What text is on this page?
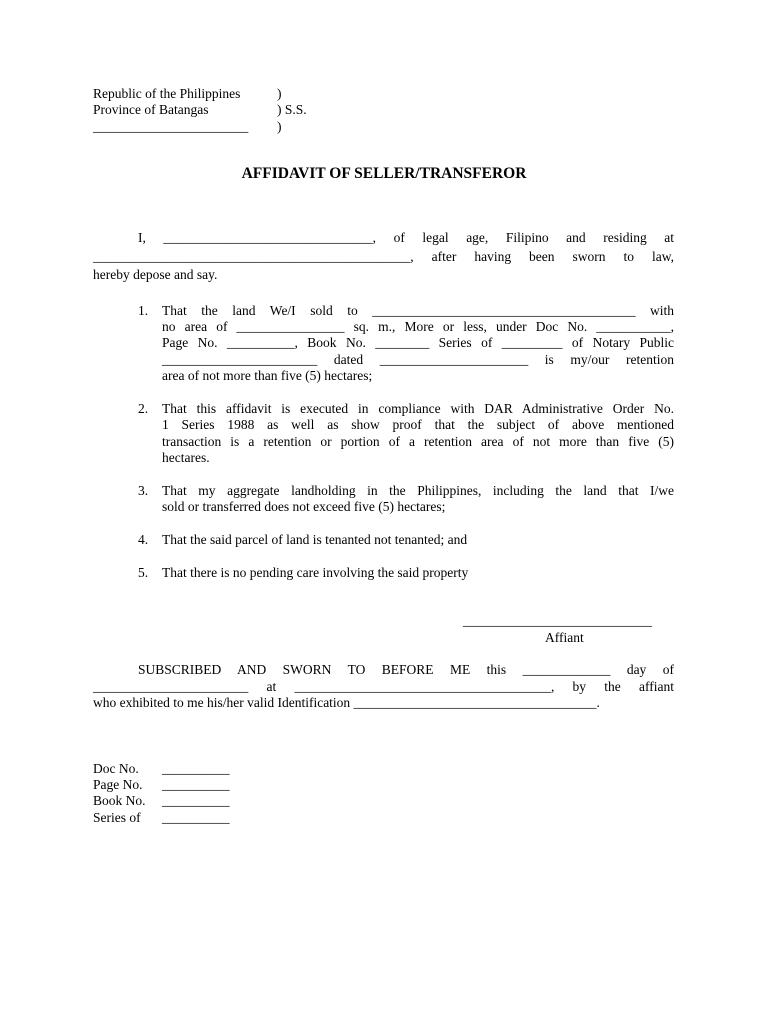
Republic of the Philippines
Province of Batangas
_______________________
)
) S.S.
)
AFFIDAVIT OF SELLER/TRANSFEROR
I, _______________________________, of legal age, Filipino and residing at
_______________________________________________, after having been sworn to law,
hereby depose and say.
1. That the land We/I sold to _______________________________________ with
no area of ________________ sq. m., More or less, under Doc No. ___________,
Page No. __________, Book No. ________ Series of _________ of Notary Public
_______________________ dated ______________________ is my/our retention
area of not more than five (5) hectares;
2. That this affidavit is executed in compliance with DAR Administrative Order No.
1 Series 1988 as well as show proof that the subject of above mentioned
transaction is a retention or portion of a retention area of not more than five (5)
hectares.
3. That my aggregate landholding in the Philippines, including the land that I/we
sold or transferred does not exceed five (5) hectares;
4. That the said parcel of land is tenanted not tenanted; and
5. That there is no pending care involving the said property
____________________________
Affiant
SUBSCRIBED AND SWORN TO BEFORE ME this _____________ day of
_______________________ at ______________________________________, by the affiant
who exhibited to me his/her valid Identification ____________________________________.
Doc No. __________
Page No. __________
Book No. __________
Series of __________
